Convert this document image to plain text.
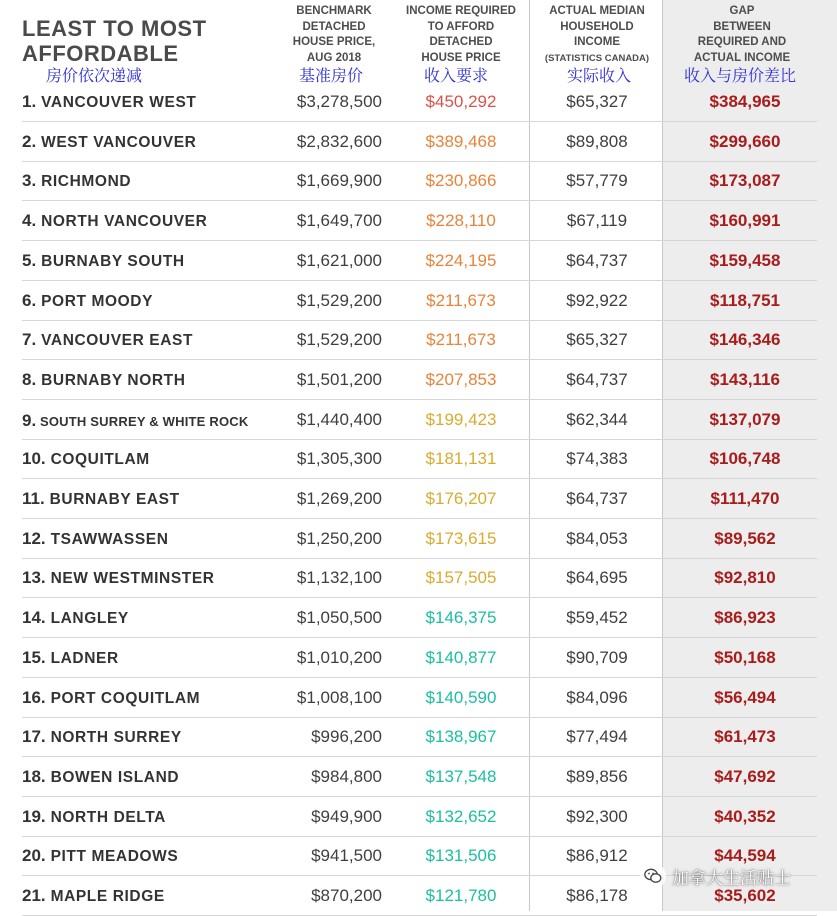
LEAST TO MOST
AFFORDABLE
BENCHMARK
DETACHED
HOUSE PRICE,
AUG 2018
INCOME REQUIRED
TO AFFORD
DETACHED
HOUSE PRICE
ACTUAL MEDIAN
HOUSEHOLD
INCOME
(STATISTICS CANADA)
GAP
BETWEEN
REQUIRED AND
ACTUAL INCOME
房价依次递减	基准房价	收入要求	实际收入	收入与房价差比
1. VANCOUVER WEST	$3,278,500	$450,292	$65,327	$384,965
2. WEST VANCOUVER	$2,832,600	$389,468	$89,808	$299,660
3. RICHMOND	$1,669,900	$230,866	$57,779	$173,087
4. NORTH VANCOUVER	$1,649,700	$228,110	$67,119	$160,991
5. BURNABY SOUTH	$1,621,000	$224,195	$64,737	$159,458
6. PORT MOODY	$1,529,200	$211,673	$92,922	$118,751
7. VANCOUVER EAST	$1,529,200	$211,673	$65,327	$146,346
8. BURNABY NORTH	$1,501,200	$207,853	$64,737	$143,116
9. SOUTH SURREY & WHITE ROCK	$1,440,400	$199,423	$62,344	$137,079
10. COQUITLAM	$1,305,300	$181,131	$74,383	$106,748
11. BURNABY EAST	$1,269,200	$176,207	$64,737	$111,470
12. TSAWWASSEN	$1,250,200	$173,615	$84,053	$89,562
13. NEW WESTMINSTER	$1,132,100	$157,505	$64,695	$92,810
14. LANGLEY	$1,050,500	$146,375	$59,452	$86,923
15. LADNER	$1,010,200	$140,877	$90,709	$50,168
16. PORT COQUITLAM	$1,008,100	$140,590	$84,096	$56,494
17. NORTH SURREY	$996,200	$138,967	$77,494	$61,473
18. BOWEN ISLAND	$984,800	$137,548	$89,856	$47,692
19. NORTH DELTA	$949,900	$132,652	$92,300	$40,352
20. PITT MEADOWS	$941,500	$131,506	$86,912	$44,594
21. MAPLE RIDGE	$870,200	$121,780	$86,178	$35,602
加拿大生活贴士
